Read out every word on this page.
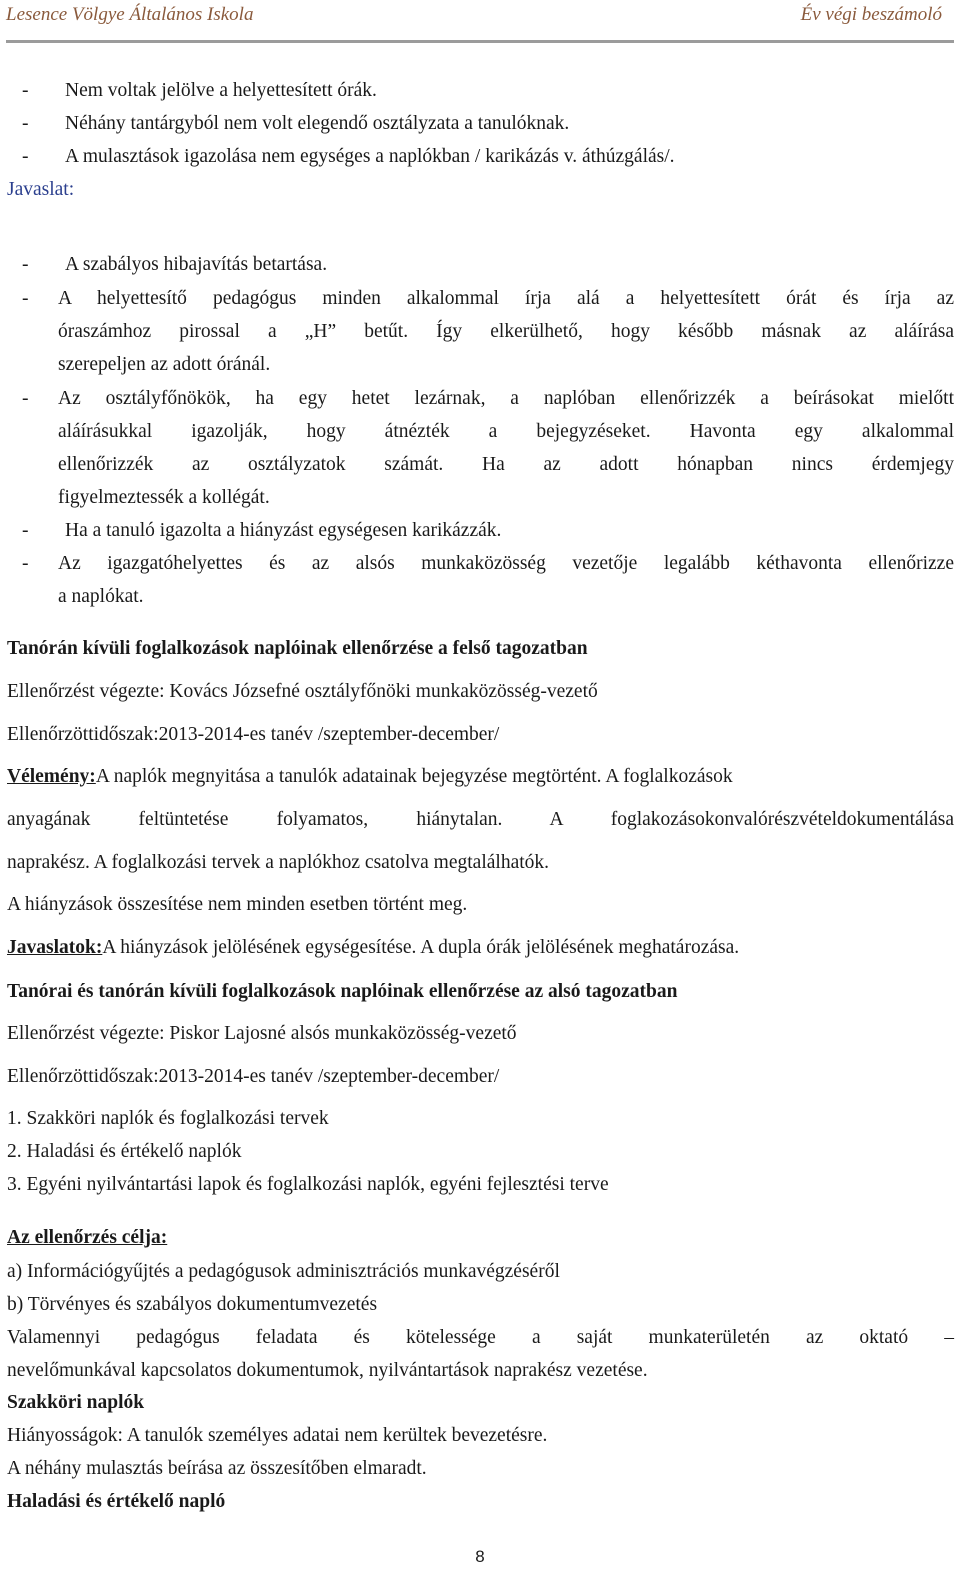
Lesence Völgye Általános Iskola	Év végi beszámoló
- Nem voltak jelölve a helyettesített órák.
- Néhány tantárgyból nem volt elegendő osztályzata a tanulóknak.
- A mulasztások igazolása nem egységes a naplókban / karikázás v. áthúzgálás/.
Javaslat:
- A szabályos hibajavítás betartása.
- A helyettesítő pedagógus minden alkalommal írja alá a helyettesített órát és írja az
óraszámhoz pirossal a „H” betűt. Így elkerülhető, hogy később másnak az aláírása
szerepeljen az adott óránál.
- Az osztályfőnökök, ha egy hetet lezárnak, a naplóban ellenőrizzék a beírásokat mielőtt
aláírásukkal igazolják, hogy átnézték a bejegyzéseket. Havonta egy alkalommal
ellenőrizzék az osztályzatok számát. Ha az adott hónapban nincs érdemjegy
figyelmeztessék a kollégát.
- Ha a tanuló igazolta a hiányzást egységesen karikázzák.
- Az igazgatóhelyettes és az alsós munkaközösség vezetője legalább kéthavonta ellenőrizze
a naplókat.
Tanórán kívüli foglalkozások naplóinak ellenőrzése a felső tagozatban
Ellenőrzést végezte: Kovács Józsefné osztályfőnöki munkaközösség-vezető
Ellenőrzöttidőszak:2013-2014-es tanév /szeptember-december/
Vélemény:A naplók megnyitása a tanulók adatainak bejegyzése megtörtént. A foglalkozások
anyagának feltüntetése folyamatos, hiánytalan. A foglakozásokonvalórészvételdokumentálása
naprakész. A foglalkozási tervek a naplókhoz csatolva megtalálhatók.
A hiányzások összesítése nem minden esetben történt meg.
Javaslatok:A hiányzások jelölésének egységesítése. A dupla órák jelölésének meghatározása.
Tanórai és tanórán kívüli foglalkozások naplóinak ellenőrzése az alsó tagozatban
Ellenőrzést végezte: Piskor Lajosné alsós munkaközösség-vezető
Ellenőrzöttidőszak:2013-2014-es tanév /szeptember-december/
1. Szakköri naplók és foglalkozási tervek
2. Haladási és értékelő naplók
3. Egyéni nyilvántartási lapok és foglalkozási naplók, egyéni fejlesztési terve
Az ellenőrzés célja:
a) Információgyűjtés a pedagógusok adminisztrációs munkavégzéséről
b) Törvényes és szabályos dokumentumvezetés
Valamennyi pedagógus feladata és kötelessége a saját munkaterületén az oktató –
nevelőmunkával kapcsolatos dokumentumok, nyilvántartások naprakész vezetése.
Szakköri naplók
Hiányosságok: A tanulók személyes adatai nem kerültek bevezetésre.
A néhány mulasztás beírása az összesítőben elmaradt.
Haladási és értékelő napló
8
